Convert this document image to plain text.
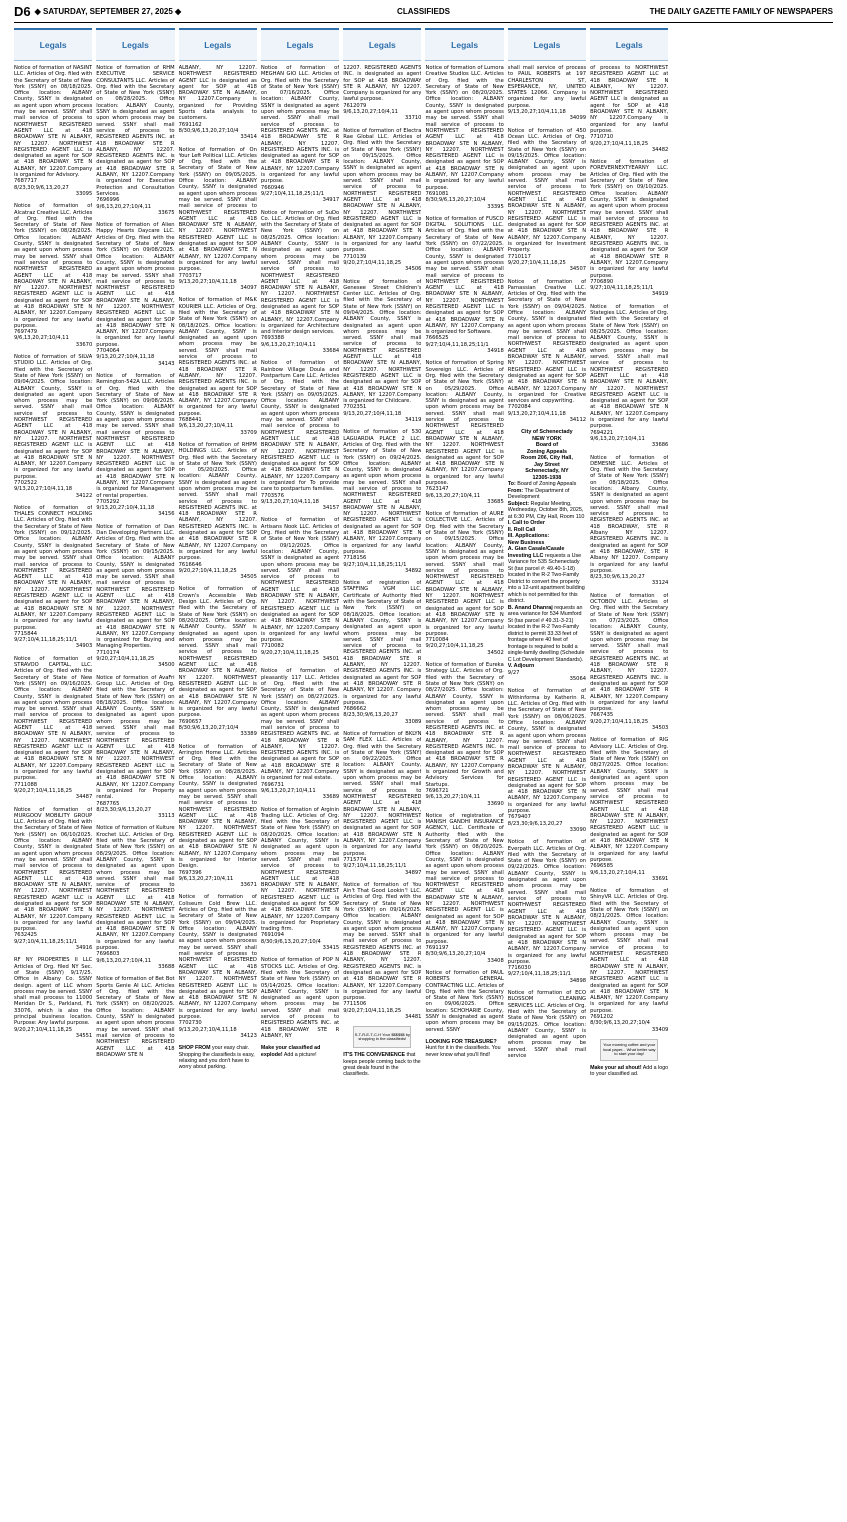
D6 ◆ SATURDAY, SEPTEMBER 27, 2025 ◆	CLASSIFIEDS	THE DAILY GAZETTE FAMILY OF NEWSPAPERS
Legals
Notice of formation of NASINT LLC. Articles of Org. filed with the Secretary of State of New York (SSNY) on 08/18/2025. Office location: ALBANY County, SSNY is designated as agent upon whom process may be served. SSNY shall mail service of process to NORTHWEST REGISTERED AGENT LLC at 418 BROADWAY STE N ALBANY, NY 12207. NORTHWEST REGISTERED AGENT LLC is designated as agent for SOP at 418 BROADWAY STE N ALBANY, NY 12207.Company is organized for Advisory.
7687717
8/23,30;9/6,13,20,27
33095
Notice of formation of Alcatraz Creative LLC. Articles of Org. filed with the Secretary of State of New York (SSNY) on 08/28/2025. Office location: ALBANY County, SSNY is designated as agent upon whom process may be served. SSNY shall mail service of process to NORTHWEST REGISTERED AGENT LLC at 418 BROADWAY STE N ALBANY, NY 12207. NORTHWEST REGISTERED AGENT LLC is designated as agent for SOP at 418 BROADWAY STE N ALBANY, NY 12207.Company is organized for any lawful purpose.
7697479
9/6,13,20,27;10/4,11
33670
Notice of formation of SILVA STUDIO LLC. Articles of Org. filed with the Secretary of State of New York (SSNY) on 09/04/2025. Office location: ALBANY County, SSNY is designated as agent upon whom process may be served. SSNY shall mail service of process to NORTHWEST REGISTERED AGENT LLC at 418 BROADWAY STE N ALBANY, NY 12207. NORTHWEST REGISTERED AGENT LLC is designated as agent for SOP at 418 BROADWAY STE N ALBANY, NY 12207.Company is organized for any lawful purpose.
7702522
9/13,20,27;10/4,11,18
34122
Notice of formation of THALES CONNECT HOLDING LLC. Articles of Org. filed with the Secretary of State of New York (SSNY) on 09/12/2025. Office location: ALBANY County, SSNY is designated as agent upon whom process may be served. SSNY shall mail service of process to NORTHWEST REGISTERED AGENT LLC at 418 BROADWAY STE N ALBANY, NY 12207. NORTHWEST REGISTERED AGENT LLC is designated as agent for SOP at 418 BROADWAY STE N ALBANY, NY 12207.Company is organized for any lawful purpose.
7715844
9/27;10/4,11,18,25;11/1
34903
Notice of formation of STRAVOO CAPITAL, LLC. Articles of Org. filed with the Secretary of State of New York (SSNY) on 09/16/2025. Office location: ALBANY County, SSNY is designated as agent upon whom process may be served. SSNY shall mail service of process to NORTHWEST REGISTERED AGENT LLC at 418 BROADWAY STE N ALBANY, NY 12207. NORTHWEST REGISTERED AGENT LLC is designated as agent for SOP at 418 BROADWAY STE N ALBANY, NY 12207.Company is organized for any lawful purpose.
7711088
9/20,27;10/4,11,18,25
34487
Notice of formation of MURGOOV MOBILITY GROUP LLC. Articles of Org. filed with the Secretary of State of New York (SSNY) on 06/10/2025. Office location: ALBANY County, SSNY is designated as agent upon whom process may be served. SSNY shall mail service of process to NORTHWEST REGISTERED AGENT LLC at 418 BROADWAY STE N ALBANY, NY 12207. NORTHWEST REGISTERED AGENT LLC is designated as agent for SOP at 418 BROADWAY STE N ALBANY, NY 12207.Company is organized for any lawful purpose.
7632425
9/27;10/4,11,18,25;11/1
34916
RF NY PROPERTIES II LLC Articles of Org. filed NY Sec. of State (SSNY) 9/17/25. Office in Albany Co. SSNY design. agent of LLC whom process may be served. SSNY shall mail process to 11000 Meridan Dr S., Parkland, FL 33076, which is also the principal business location. Purpose: Any lawful purpose.
9/20,27;10/4,11,18,25
34551
Legals
Notice of formation of RHM EXECUTIVE SERVICE CONSULTANTS LLC. Articles of Org. filed with the Secretary of State of New York (SSNY) on 08/28/2025. Office location: ALBANY County, SSNY is designated as agent upon whom process may be served. SSNY shall mail service of process to REGISTERED AGENTS INC. at 418 BROADWAY STE R ALBANY, NY 12207. REGISTERED AGENTS INC. is designated as agent for SOP at 418 BROADWAY STE R ALBANY, NY 12207.Company is organized for Executive Protection and Consultation Services.
7696996
9/6,13,20,27;10/4,11
33675
Notice of formation of Alien Happy Hearts Daycare LLC. Articles of Org. filed with the Secretary of State of New York (SSNY) on 09/08/2025. Office location: ALBANY County, SSNY is designated as agent upon whom process may be served. SSNY shall mail service of process to NORTHWEST REGISTERED AGENT LLC at 418 BROADWAY STE N ALBANY, NY 12207. NORTHWEST REGISTERED AGENT LLC is designated as agent for SOP at 418 BROADWAY STE N ALBANY, NY 12207.Company is organized for any lawful purpose.
7704064
9/13,20,27;10/4,11,18
34143
Notice of formation of Remington-542A LLC. Articles of Org. filed with the Secretary of State of New York (SSNY) on 09/08/2025. Office location: ALBANY County, SSNY is designated as agent upon whom process may be served. SSNY shall mail service of process to NORTHWEST REGISTERED AGENT LLC at 418 BROADWAY STE N ALBANY, NY 12207. NORTHWEST REGISTERED AGENT LLC is designated as agent for SOP at 418 BROADWAY STE N ALBANY, NY 12207.Company is organized for Management of rental properties.
7705292
9/13,20,27;10/4,11,18
34156
Notice of formation of Dan Dan Developing Partners LLC. Articles of Org. filed with the Secretary of State of New York (SSNY) on 09/15/2025. Office location: ALBANY County, SSNY is designated as agent upon whom process may be served. SSNY shall mail service of process to NORTHWEST REGISTERED AGENT LLC at 418 BROADWAY STE N ALBANY, NY 12207. NORTHWEST REGISTERED AGENT LLC is designated as agent for SOP at 418 BROADWAY STE N ALBANY, NY 12207.Company is organized for Buying and Managing Properties.
7710174
9/20,27;10/4,11,18,25
34500
Notice of formation of AvaFri Group LLC. Articles of Org. filed with the Secretary of State of New York (SSNY) on 08/18/2025. Office location: ALBANY County, SSNY is designated as agent upon whom process may be served. SSNY shall mail service of process to NORTHWEST REGISTERED AGENT LLC at 418 BROADWAY STE N ALBANY, NY 12207. NORTHWEST REGISTERED AGENT LLC is designated as agent for SOP at 418 BROADWAY STE N ALBANY, NY 12207.Company is organized for Property rental.
7687765
8/23,30;9/6,13,20,27
33113
Notice of formation of Kulture Krochet LLC. Articles of Org. filed with the Secretary of State of New York (SSNY) on 08/29/2025. Office location: ALBANY County, SSNY is designated as agent upon whom process may be served. SSNY shall mail service of process to NORTHWEST REGISTERED AGENT LLC at 418 BROADWAY STE N ALBANY, NY 12207. NORTHWEST REGISTERED AGENT LLC is designated as agent for SOP at 418 BROADWAY STE N ALBANY, NY 12207.Company is organized for any lawful purpose.
7696803
9/6,13,20,27;10/4,11
33688
Notice of formation of Bet Bot Sports Genie AI LLC. Articles of Org. filed with the Secretary of State of New York (SSNY) on 08/20/2025. Office location: ALBANY County, SSNY is designated as agent upon whom process may be served. SSNY shall mail service of process to NORTHWEST REGISTERED AGENT LLC at 418 BROADWAY STE N
Legals
ALBANY, NY 12207. NORTHWEST REGISTERED AGENT LLC is designated as agent for SOP at 418 BROADWAY STE N ALBANY, NY 12207.Company is organized for Providing Sports data analysis to customers.
7691162
8/30;9/6,13,20,27;10/4
33414
Notice of formation of On Your Left Political LLC. Articles of Org. filed with the Secretary of State of New York (SSNY) on 09/05/2025. Office location: ALBANY County, SSNY is designated as agent upon whom process may be served. SSNY shall mail service of process to NORTHWEST REGISTERED AGENT LLC at 418 BROADWAY STE N ALBANY, NY 12207. NORTHWEST REGISTERED AGENT LLC is designated as agent for SOP at 418 BROADWAY STE N ALBANY, NY 12207.Company is organized for any lawful purpose.
7703717
9/13,20,27;10/4,11,18
34097
Notice of formation of M&K KOURIER LLC. Articles of Org. filed with the Secretary of State of New York (SSNY) on 08/18/2025. Office location: ALBANY County, SSNY is designated as agent upon whom process may be served. SSNY shall mail service of process to REGISTERED AGENTS INC. at 418 BROADWAY STE R ALBANY, NY 12207. REGISTERED AGENTS INC. is designated as agent for SOP at 418 BROADWAY STE R ALBANY, NY 12207.Company is organized for any lawful purpose.
7688441
9/6,13,20,27;10/4,11
33709
Notice of formation of RHPM HOLDINGS LLC. Articles of Org. filed with the Secretary of State of New York (SSNY) on 05/20/2025. Office location: ALBANY County, SSNY is designated as agent upon whom process may be served. SSNY shall mail service of process to REGISTERED AGENTS INC. at 418 BROADWAY STE R ALBANY, NY 12207. REGISTERED AGENTS INC. is designated as agent for SOP at 418 BROADWAY STE R ALBANY, NY 12207.Company is organized for any lawful purpose.
7616646
9/20,27;10/4,11,18,25
34505
Notice of formation of Crown's Accessible Web Design LLC. Articles of Org. filed with the Secretary of State of New York (SSNY) on 08/20/2025. Office location: ALBANY County, SSNY is designated as agent upon whom process may be served. SSNY shall mail service of process to NORTHWEST REGISTERED AGENT LLC at 418 BROADWAY STE N ALBANY, NY 12207. NORTHWEST REGISTERED AGENT LLC is designated as agent for SOP at 418 BROADWAY STE N ALBANY, NY 12207.Company is organized for any lawful purpose.
7690657
8/30;9/6,13,20,27;10/4
33389
Notice of formation of Arrington Home LLC. Articles of Org. filed with the Secretary of State of New York (SSNY) on 08/28/2025. Office location: ALBANY County, SSNY is designated as agent upon whom process may be served. SSNY shall mail service of process to NORTHWEST REGISTERED AGENT LLC at 418 BROADWAY STE N ALBANY, NY 12207. NORTHWEST REGISTERED AGENT LLC is designated as agent for SOP at 418 BROADWAY STE N ALBANY, NY 12207.Company is organized for Interior Design.
7697396
9/6,13,20,27;10/4,11
33671
Notice of formation of Coliseum Cold Brew LLC. Articles of Org. filed with the Secretary of State of New York (SSNY) on 09/04/2025. Office location: ALBANY County, SSNY is designated as agent upon whom process may be served. SSNY shall mail service of process to NORTHWEST REGISTERED AGENT LLC at 418 BROADWAY STE N ALBANY, NY 12207. NORTHWEST REGISTERED AGENT LLC is designated as agent for SOP at 418 BROADWAY STE N ALBANY, NY 12207.Company is organized for any lawful purpose.
7702730
9/13,20,27;10/4,11,18
34123
SHOP FROM your easy chair. Shopping the classifieds is easy, relaxing and you don't have to worry about parking.
Legals
Notice of formation of MEGHAN GIO LLC. Articles of Org. filed with the Secretary of State of New York (SSNY) on 07/16/2025. Office location: ALBANY County, SSNY is designated as agent upon whom process may be served. SSNY shall mail service of process to REGISTERED AGENTS INC. at 418 BROADWAY STE R ALBANY, NY 12207. REGISTERED AGENTS INC. is designated as agent for SOP at 418 BROADWAY STE R ALBANY, NY 12207.Company is organized for any lawful purpose.
7660946
9/27;10/4,11,18,25;11/1
34917
Notice of formation of SuDo Co. LLC. Articles of Org. filed with the Secretary of State of New York (SSNY) on 08/25/2025. Office location: ALBANY County, SSNY is designated as agent upon whom process may be served. SSNY shall mail service of process to NORTHWEST REGISTERED AGENT LLC at 418 BROADWAY STE N ALBANY, NY 12207. NORTHWEST REGISTERED AGENT LLC is designated as agent for SOP at 418 BROADWAY STE N ALBANY, NY 12207.Company is organized for Architecture and Interior design services.
7693388
9/6,13,20,27;10/4,11
33684
Notice of formation of Rainbow Village Doula and Postpartum Care LLC. Articles of Org. filed with the Secretary of State of New York (SSNY) on 09/05/2025. Office location: ALBANY County, SSNY is designated as agent upon whom process may be served. SSNY shall mail service of process to NORTHWEST REGISTERED AGENT LLC at 418 BROADWAY STE N ALBANY, NY 12207. NORTHWEST REGISTERED AGENT LLC is designated as agent for SOP at 418 BROADWAY STE N ALBANY, NY 12207.Company is organized for To provide care to postpartum families.
7703576
9/13,20,27;10/4,11,18
34157
Notice of formation of Artisans Nook LLC. Articles of Org. filed with the Secretary of State of New York (SSNY) on 09/12/2025. Office location: ALBANY County, SSNY is designated as agent upon whom process may be served. SSNY shall mail service of process to NORTHWEST REGISTERED AGENT LLC at 418 BROADWAY STE N ALBANY, NY 12207. NORTHWEST REGISTERED AGENT LLC is designated as agent for SOP at 418 BROADWAY STE N ALBANY, NY 12207.Company is organized for any lawful purpose.
7710082
9/20,27;10/4,11,18,25
34501
Notice of formation of pleasantly 117 LLC. Articles of Org. filed with the Secretary of State of New York (SSNY) on 08/27/2025. Office location: ALBANY County, SSNY is designated as agent upon whom process may be served. SSNY shall mail service of process to REGISTERED AGENTS INC. at 418 BROADWAY STE R ALBANY, NY 12207. REGISTERED AGENTS INC. is designated as agent for SOP at 418 BROADWAY STE R ALBANY, NY 12207.Company is organized for real estate.
7696731
9/6,13,20,27;10/4,11
33689
Notice of formation of Arginin Trading LLC. Articles of Org. filed with the Secretary of State of New York (SSNY) on 08/20/2025. Office location: ALBANY County, SSNY is designated as agent upon whom process may be served. SSNY shall mail service of process to NORTHWEST REGISTERED AGENT LLC at 418 BROADWAY STE N ALBANY, NY 12207. NORTHWEST REGISTERED AGENT LLC is designated as agent for SOP at 418 BROADWAY STE N ALBANY, NY 12207.Company is organized for Proprietary trading firm.
7691094
8/30;9/6,13,20,27;10/4
33415
Notice of formation of POP N STOCKS LLC. Articles of Org. filed with the Secretary of State of New York (SSNY) on 05/14/2025. Office location: ALBANY County, SSNY is designated as agent upon whom process may be served. SSNY shall mail service of process to REGISTERED AGENTS INC. at 418 BROADWAY STE R ALBANY, NY
Make your classified ad explode! Add a picture!
Legals
12207. REGISTERED AGENTS INC. is designated as agent for SOP at 418 BROADWAY STE R ALBANY, NY 12207. Company is organized for any lawful purpose.
7612079
9/6,13,20,27;10/4,11
33710
Notice of formation of Electra Rae Global LLC. Articles of Org. filed with the Secretary of State of New York (SSNY) on 09/15/2025. Office location: ALBANY County, SSNY is designated as agent upon whom process may be served. SSNY shall mail service of process to NORTHWEST REGISTERED AGENT LLC at 418 BROADWAY STE N ALBANY, NY 12207. NORTHWEST REGISTERED AGENT LLC is designated as agent for SOP at 418 BROADWAY STE N ALBANY, NY 12207.Company is organized for any lawful purpose.
7710139
9/20,27;10/4,11,18,25
34506
Notice of formation of Genesee Street Children's Center LLC. Articles of Org. filed with the Secretary of State of New York (SSNY) on 09/04/2025. Office location: ALBANY County, SSNY is designated as agent upon whom process may be served. SSNY shall mail service of process to NORTHWEST REGISTERED AGENT LLC at 418 BROADWAY STE N ALBANY, NY 12207. NORTHWEST REGISTERED AGENT LLC is designated as agent for SOP at 418 BROADWAY STE N ALBANY, NY 12207.Company is organized for Childcare.
7702351
9/13,20,27;10/4,11,18
34119
Notice of formation of 530 LAGUARDIA PLACE 2 LLC. Articles of Org. filed with the Secretary of State of New York (SSNY) on 09/24/2025. Office location: ALBANY County, SSNY is designated as agent upon whom process may be served. SSNY shall mail service of process to NORTHWEST REGISTERED AGENT LLC at 418 BROADWAY STE N ALBANY, NY 12207. NORTHWEST REGISTERED AGENT LLC is designated as agent for SOP at 418 BROADWAY STE N ALBANY, NY 12207.Company is organized for any lawful purpose.
7718156
9/27;10/4,11,18,25;11/1
34892
Notice of registration of STAFFING VGM LLC. Certificate of Authority filed with the Secretary of State of New York (SSNY) on 08/18/2025. Office location: ALBANY County, SSNY is designated as agent upon whom process may be served. SSNY shall mail service of process to REGISTERED AGENTS INC. at 418 BROADWAY STE R ALBANY, NY 12207. REGISTERED AGENTS INC. is designated as agent for SOP at 418 BROADWAY STE R ALBANY, NY 12207. Company is organized for any lawful purpose.
7686662
8/23,30;9/6,13,20,27
33089
Notice of formation of BKLYN SAM FLEX LLC. Articles of Org. filed with the Secretary of State of New York (SSNY) on 09/22/2025. Office location: ALBANY County, SSNY is designated as agent upon whom process may be served. SSNY shall mail service of process to NORTHWEST REGISTERED AGENT LLC at 418 BROADWAY STE N ALBANY, NY 12207. NORTHWEST REGISTERED AGENT LLC is designated as agent for SOP at 418 BROADWAY STE N ALBANY, NY 12207.Company is organized for any lawful purpose.
7715774
9/27;10/4,11,18,25;11/1
34897
Notice of formation of You Ain't That Good Lookin'! LLC. Articles of Org. filed with the Secretary of State of New York (SSNY) on 09/16/2025. Office location: ALBANY County, SSNY is designated as agent upon whom process may be served. SSNY shall mail service of process to REGISTERED AGENTS INC. at 418 BROADWAY STE R ALBANY, NY 12207. REGISTERED AGENTS INC. is designated as agent for SOP at 418 BROADWAY STE R ALBANY, NY 12207.Company is organized for any lawful purpose.
7711506
9/20,27;10/4,11,18,25
34481
S-T-R-E-T-C-H Your $$$$$$ by shopping in the classifieds!
IT'S THE CONVENIENCE that keeps people coming back to the great deals found in the classifieds.
Legals
Notice of formation of Lumora Creative Studios LLC. Articles of Org. filed with the Secretary of State of New York (SSNY) on 08/20/2025. Office location: ALBANY County, SSNY is designated as agent upon whom process may be served. SSNY shall mail service of process to NORTHWEST REGISTERED AGENT LLC at 418 BROADWAY STE N ALBANY, NY 12207. NORTHWEST REGISTERED AGENT LLC is designated as agent for SOP at 418 BROADWAY STE N ALBANY, NY 12207.Company is organized for any lawful purpose.
7691081
8/30;9/6,13,20,27;10/4
33395
Notice of formation of FUSCO DIGITAL SOLUTIONS LLC. Articles of Org. filed with the Secretary of State of New York (SSNY) on 07/22/2025. Office location: ALBANY County, SSNY is designated as agent upon whom process may be served. SSNY shall mail service of process to NORTHWEST REGISTERED AGENT LLC at 418 BROADWAY STE N ALBANY, NY 12207. NORTHWEST REGISTERED AGENT LLC is designated as agent for SOP at 418 BROADWAY STE N ALBANY, NY 12207.Company is organized for Software.
7666525
9/27;10/4,11,18,25;11/1
34918
Notice of formation of Spring Sovereign LLC. Articles of Org. filed with the Secretary of State of New York (SSNY) on 05/29/2025. Office location: ALBANY County, SSNY is designated as agent upon whom process may be served. SSNY shall mail service of process to NORTHWEST REGISTERED AGENT LLC at 418 BROADWAY STE N ALBANY, NY 12207. NORTHWEST REGISTERED AGENT LLC is designated as agent for SOP at 418 BROADWAY STE N ALBANY, NY 12207.Company is organized for any lawful purpose.
7623147
9/6,13,20,27;10/4,11
33685
Notice of formation of AURE COLLECTIVE LLC. Articles of Org. filed with the Secretary of State of New York (SSNY) on 09/15/2025. Office location: ALBANY County, SSNY is designated as agent upon whom process may be served. SSNY shall mail service of process to NORTHWEST REGISTERED AGENT LLC at 418 BROADWAY STE N ALBANY, NY 12207. NORTHWEST REGISTERED AGENT LLC is designated as agent for SOP at 418 BROADWAY STE N ALBANY, NY 12207.Company is organized for any lawful purpose.
7710084
9/20,27;10/4,11,18,25
34502
Notice of formation of Eureka Strategy LLC. Articles of Org. filed with the Secretary of State of New York (SSNY) on 08/27/2025. Office location: ALBANY County, SSNY is designated as agent upon whom process may be served. SSNY shall mail service of process to REGISTERED AGENTS INC. at 418 BROADWAY STE R ALBANY, NY 12207. REGISTERED AGENTS INC. is designated as agent for SOP at 418 BROADWAY STE R ALBANY, NY 12207.Company is organized for Growth and Advisory Services for Startups.
7696721
9/6,13,20,27;10/4,11
33690
Notice of registration of MANISH GANDHI INSURANCE AGENCY, LLC. Certificate of Authority filed with the Secretary of State of New York (SSNY) on 08/20/2025. Office location: ALBANY County, SSNY is designated as agent upon whom process may be served. SSNY shall mail service of process to NORTHWEST REGISTERED AGENT LLC at 418 BROADWAY STE N ALBANY, NY 12207. NORTHWEST REGISTERED AGENT LLC is designated as agent for SOP at 418 BROADWAY STE N ALBANY, NY 12207.Company is organized for any lawful purpose.
7691197
8/30;9/6,13,20,27;10/4
33408
Notice of formation of PAUL ROBERTS GENERAL CONTRACTING LLC. Articles of Org. filed with the Secretary of State of New York (SSNY) on 09/06/2025. Office location: SCHOHARIE County, SSNY is designated as agent upon whom process may be served. SSNY
LOOKING FOR TREASURE? Hunt for it in the classifieds. You never know what you'll find!
Legals
shall mail service of process to PAUL ROBERTS at 197 CHARLESTON ST, ESPERANCE, NY, UNITED STATES 12066. Company is organized for any lawful purpose.
9/13,20,27;10/4,11,18
34099
Notice of formation of 450 Ocean LLC. Articles of Org. filed with the Secretary of State of New York (SSNY) on 09/15/2025. Office location: ALBANY County, SSNY is designated as agent upon whom process may be served. SSNY shall mail service of process to NORTHWEST REGISTERED AGENT LLC at 418 BROADWAY STE N ALBANY, NY 12207. NORTHWEST REGISTERED AGENT LLC is designated as agent for SOP at 418 BROADWAY STE N ALBANY, NY 12207.Company is organized for Investment Property.
7710117
9/20,27;10/4,11,18,25
34507
Notice of formation of Parnassian Creative LLC. Articles of Org. filed with the Secretary of State of New York (SSNY) on 09/04/2025. Office location: ALBANY County, SSNY is designated as agent upon whom process may be served. SSNY shall mail service of process to NORTHWEST REGISTERED AGENT LLC at 418 BROADWAY STE N ALBANY, NY 12207. NORTHWEST REGISTERED AGENT LLC is designated as agent for SOP at 418 BROADWAY STE N ALBANY, NY 12207.Company is organized for Creative services and copywriting.
7702084
9/13,20,27;10/4,11,18
34112
City of Schenectady
NEW YORK
Board of
Zoning Appeals
Room 206, City Hall,
Jay Street
Schenectady, NY
12305-1938
To: Board of Zoning Appeals
From: The Department of Development
Subject: Regular Meeting, Wednesday, October 8th, 2025, at 6:30 PM, City Hall, Room 110
I. Call to Order
II. Roll Call
III. Applications:
New Business
A. Gian Casale/Casale Investing LLC requests a Use Variance for 535 Schenectady St (tax parcel #: 49.40-1-18) located in the R-2 Two-Family District to convert the property into a 12-unit apartment building which is not permitted for this district.
B. Anand Dhanraj requests an area variance for 534 Mumford St (tax parcel # 49.31-3-21) located in the R-2 Two-Family district to permit 33.33 feet of frontage where 40 feet of frontage is required to build a single-family dwelling (Schedule C Lot Development Standards).
V. Adjourn
9/27
35064
Notice of formation of Withinforma by Katherin R. LLC. Articles of Org. filed with the Secretary of State of New York (SSNY) on 08/06/2025. Office location: ALBANY County, SSNY is designated as agent upon whom process may be served. SSNY shall mail service of process to NORTHWEST REGISTERED AGENT LLC at 418 BROADWAY STE N ALBANY, NY 12207. NORTHWEST REGISTERED AGENT LLC is designated as agent for SOP at 418 BROADWAY STE N ALBANY, NY 12207.Company is organized for any lawful purpose.
7679407
8/23,30;9/6,13,20,27
33090
Notice of formation of Everpath LLC. Articles of Org. filed with the Secretary of State of New York (SSNY) on 09/22/2025. Office location: ALBANY County, SSNY is designated as agent upon whom process may be served. SSNY shall mail service of process to NORTHWEST REGISTERED AGENT LLC at 418 BROADWAY STE N ALBANY, NY 12207. NORTHWEST REGISTERED AGENT LLC is designated as agent for SOP at 418 BROADWAY STE N ALBANY, NY 12207.Company is organized for any lawful purpose.
7716030
9/27;10/4,11,18,25;11/1
34898
Notice of formation of ECO BLOSSOM CLEANING SERVICES LLC. Articles of Org. filed with the Secretary of State of New York (SSNY) on 09/15/2025. Office location: ALBANY County, SSNY is designated as agent upon whom process may be served. SSNY shall mail service
Legals
of process to NORTHWEST REGISTERED AGENT LLC at 418 BROADWAY STE N ALBANY, NY 12207. NORTHWEST REGISTERED AGENT LLC is designated as agent for SOP at 418 BROADWAY STE N ALBANY, NY 12207.Company is organized for any lawful purpose.
7710710
9/20,27;10/4,11,18,25
34482
Notice of formation of FOREVERNEXTYEARNY LLC. Articles of Org. filed with the Secretary of State of New York (SSNY) on 09/10/2025. Office location: ALBANY County, SSNY is designated as agent upon whom process may be served. SSNY shall mail service of process to REGISTERED AGENTS INC. at 418 BROADWAY STE R ALBANY, NY 12207. REGISTERED AGENTS INC. is designated as agent for SOP at 418 BROADWAY STE R ALBANY, NY 12207.Company is organized for any lawful purpose.
7706890
9/27;10/4,11,18,25;11/1
34919
Notice of formation of Stategies LLC. Articles of Org. filed with the Secretary of State of New York (SSNY) on 08/25/2025. Office location: ALBANY County, SSNY is designated as agent upon whom process may be served. SSNY shall mail service of process to NORTHWEST REGISTERED AGENT LLC at 418 BROADWAY STE N ALBANY, NY 12207. NORTHWEST REGISTERED AGENT LLC is designated as agent for SOP at 418 BROADWAY STE N ALBANY, NY 12207.Company is organized for any lawful purpose.
7694221
9/6,13,20,27;10/4,11
33686
Notice of formation of DEMESNE LLC. Articles of Org. filed with the Secretary of State of New York (SSNY) on 08/18/2025. Office location: Albany County, SSNY is designated as agent upon whom process may be served. SSNY shall mail service of process to REGISTERED AGENTS INC. at 418 BROADWAY, STE R Albany NY 12207. REGISTERED AGENTS INC. is designated as agent for SOP at 418 BROADWAY, STE R Albany NY 12207. Company is organized for any lawful purpose.
8/23,30;9/6,13,20,27
33124
Notice of formation of OCTOBOV LLC. Articles of Org. filed with the Secretary of State of New York (SSNY) on 07/23/2025. Office location: ALBANY County, SSNY is designated as agent upon whom process may be served. SSNY shall mail service of process to REGISTERED AGENTS INC. at 418 BROADWAY STE R ALBANY, NY 12207. REGISTERED AGENTS INC. is designated as agent for SOP at 418 BROADWAY STE R ALBANY, NY 12207.Company is organized for any lawful purpose.
7667435
9/20,27;10/4,11,18,25
34503
Notice of formation of RIG Advisory LLC. Articles of Org. filed with the Secretary of State of New York (SSNY) on 08/27/2025. Office location: ALBANY County, SSNY is designated as agent upon whom process may be served. SSNY shall mail service of process to NORTHWEST REGISTERED AGENT LLC at 418 BROADWAY STE N ALBANY, NY 12207. NORTHWEST REGISTERED AGENT LLC is designated as agent for SOP at 418 BROADWAY STE N ALBANY, NY 12207.Company is organized for any lawful purpose.
7696585
9/6,13,20,27;10/4,11
33691
Notice of formation of ShinyVR LLC. Articles of Org. filed with the Secretary of State of New York (SSNY) on 08/21/2025. Office location: ALBANY County, SSNY is designated as agent upon whom process may be served. SSNY shall mail service of process to NORTHWEST REGISTERED AGENT LLC at 418 BROADWAY STE N ALBANY, NY 12207. NORTHWEST REGISTERED AGENT LLC is designated as agent for SOP at 418 BROADWAY STE N ALBANY, NY 12207.Company is organized for any lawful purpose.
7691202
8/30;9/6,13,20,27;10/4
33409
Your morning coffee and your local paper... What better way to start your day!
Make your ad shout! Add a logo to your classified ad.
